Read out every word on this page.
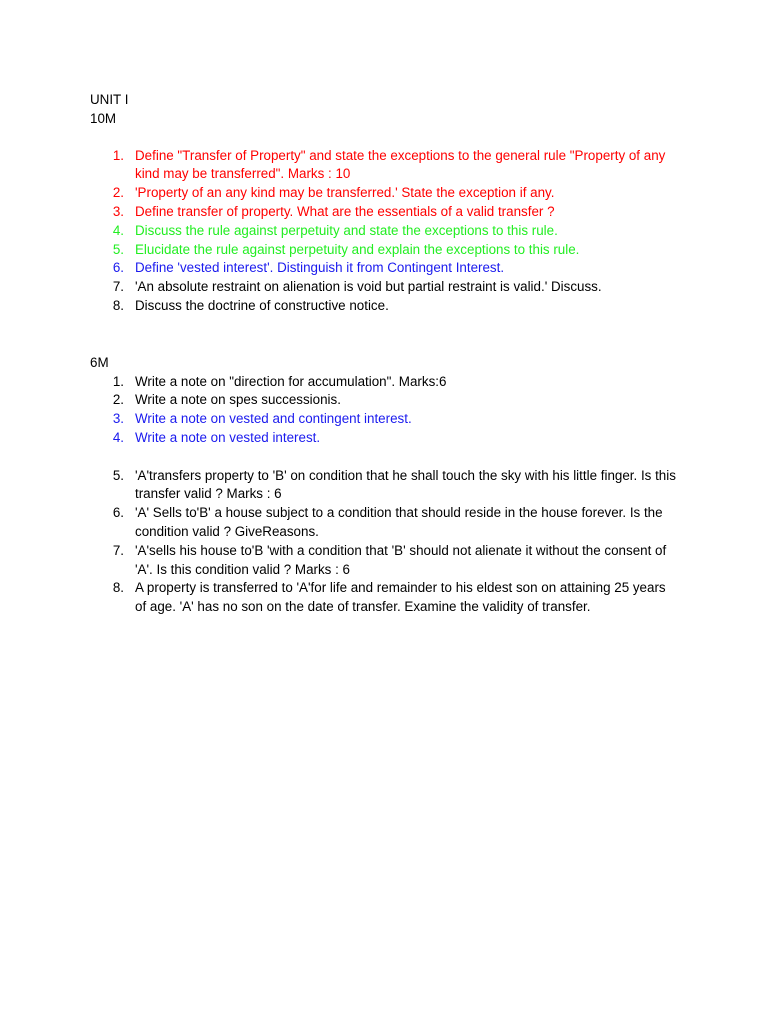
UNIT I
10M
1. Define "Transfer of Property" and state the exceptions to the general rule "Property of any kind may be transferred". Marks : 10
2. 'Property of an any kind may be transferred.' State the exception if any.
3. Define transfer of property. What are the essentials of a valid transfer ?
4. Discuss the rule against perpetuity and state the exceptions to this rule.
5. Elucidate the rule against perpetuity and explain the exceptions to this rule.
6. Define 'vested interest'. Distinguish it from Contingent Interest.
7. 'An absolute restraint on alienation is void but partial restraint is valid.' Discuss.
8. Discuss the doctrine of constructive notice.
6M
1. Write a note on "direction for accumulation". Marks:6
2. Write a note on spes successionis.
3. Write a note on vested and contingent interest.
4. Write a note on vested interest.
5. 'A'transfers property to 'B' on condition that he shall touch the sky with his little finger. Is this transfer valid ? Marks : 6
6. 'A' Sells to'B' a house subject to a condition that should reside in the house forever. Is the condition valid ? GiveReasons.
7. 'A'sells his house to'B 'with a condition that 'B' should not alienate it without the consent of 'A'. Is this condition valid ? Marks : 6
8. A property is transferred to 'A'for life and remainder to his eldest son on attaining 25 years of age. 'A' has no son on the date of transfer. Examine the validity of transfer.
